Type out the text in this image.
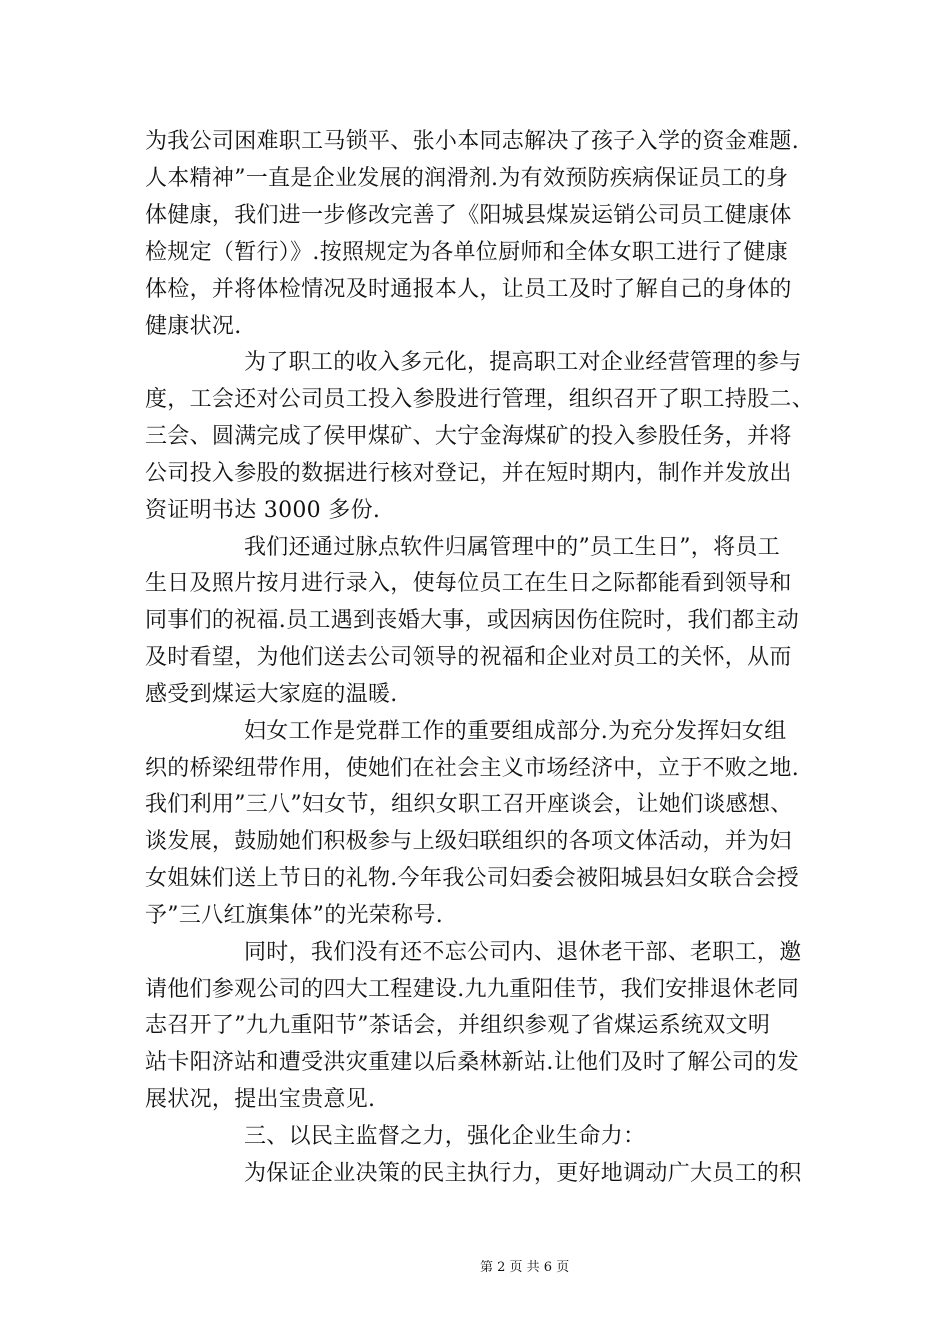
为我公司困难职工马锁平、张小本同志解决了孩子入学的资金难题.
人本精神”一直是企业发展的润滑剂.为有效预防疾病保证员工的身
体健康，我们进一步修改完善了《阳城县煤炭运销公司员工健康体
检规定（暂行）》.按照规定为各单位厨师和全体女职工进行了健康
体检，并将体检情况及时通报本人，让员工及时了解自己的身体的
健康状况.
为了职工的收入多元化，提高职工对企业经营管理的参与
度，工会还对公司员工投入参股进行管理，组织召开了职工持股二、
三会、圆满完成了侯甲煤矿、大宁金海煤矿的投入参股任务，并将
公司投入参股的数据进行核对登记，并在短时期内，制作并发放出
资证明书达 3000 多份.
我们还通过脉点软件归属管理中的”员工生日”，将员工
生日及照片按月进行录入，使每位员工在生日之际都能看到领导和
同事们的祝福.员工遇到丧婚大事，或因病因伤住院时，我们都主动
及时看望，为他们送去公司领导的祝福和企业对员工的关怀，从而
感受到煤运大家庭的温暖.
妇女工作是党群工作的重要组成部分.为充分发挥妇女组
织的桥梁纽带作用，使她们在社会主义市场经济中，立于不败之地.
我们利用”三八”妇女节，组织女职工召开座谈会，让她们谈感想、
谈发展，鼓励她们积极参与上级妇联组织的各项文体活动，并为妇
女姐妹们送上节日的礼物.今年我公司妇委会被阳城县妇女联合会授
予”三八红旗集体”的光荣称号.
同时，我们没有还不忘公司内、退休老干部、老职工，邀
请他们参观公司的四大工程建设.九九重阳佳节，我们安排退休老同
志召开了”九九重阳节”茶话会，并组织参观了省煤运系统双文明
站卡阳济站和遭受洪灾重建以后桑林新站.让他们及时了解公司的发
展状况，提出宝贵意见.
三、以民主监督之力，强化企业生命力：
为保证企业决策的民主执行力，更好地调动广大员工的积
第 2 页 共 6 页
